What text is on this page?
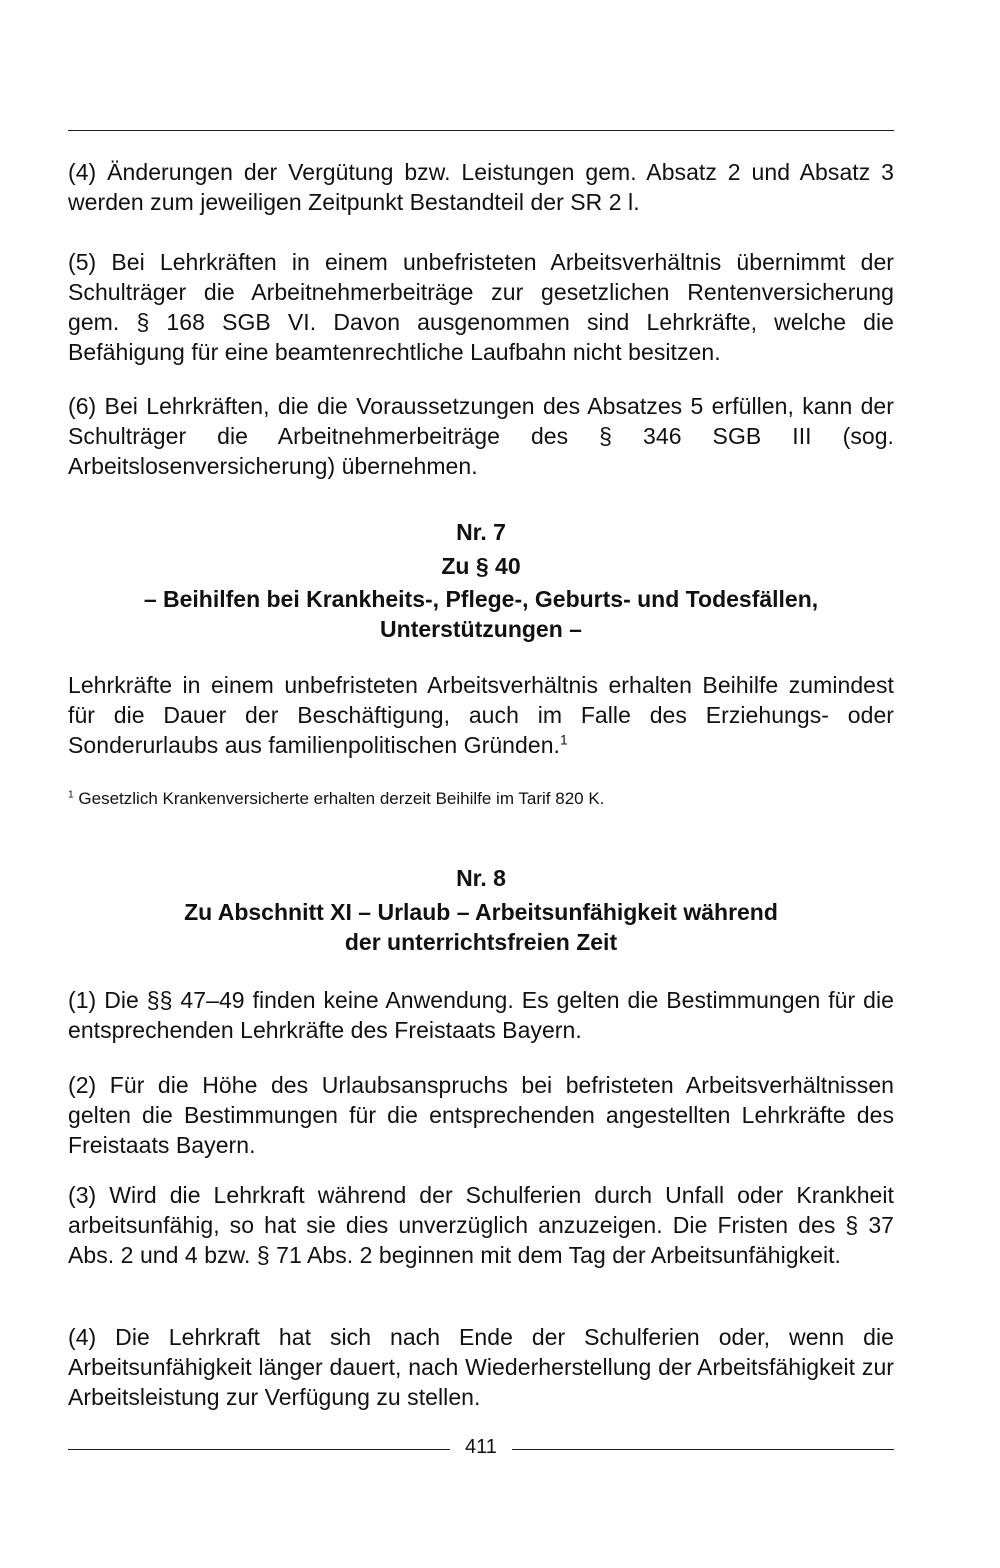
(4) Änderungen der Vergütung bzw. Leistungen gem. Absatz 2 und Absatz 3 werden zum jeweiligen Zeitpunkt Bestandteil der SR 2 l.

(5) Bei Lehrkräften in einem unbefristeten Arbeitsverhältnis übernimmt der Schulträger die Arbeitnehmerbeiträge zur gesetzlichen Rentenversicherung gem. § 168 SGB VI. Davon ausgenommen sind Lehrkräfte, welche die Befähigung für eine beamtenrechtliche Laufbahn nicht besitzen.

(6) Bei Lehrkräften, die die Voraussetzungen des Absatzes 5 erfüllen, kann der Schulträger die Arbeitnehmerbeiträge des § 346 SGB III (sog. Arbeitslosenversicherung) übernehmen.

Nr. 7
Zu § 40
– Beihilfen bei Krankheits-, Pflege-, Geburts- und Todesfällen,
Unterstützungen –

Lehrkräfte in einem unbefristeten Arbeitsverhältnis erhalten Beihilfe zumindest für die Dauer der Beschäftigung, auch im Falle des Erziehungs- oder Sonderurlaubs aus familienpolitischen Gründen.$^1$

$^1$ Gesetzlich Krankenversicherte erhalten derzeit Beihilfe im Tarif 820 K.

Nr. 8
Zu Abschnitt XI – Urlaub – Arbeitsunfähigkeit während
der unterrichtsfreien Zeit

(1) Die §§ 47–49 finden keine Anwendung. Es gelten die Bestimmungen für die entsprechenden Lehrkräfte des Freistaats Bayern.

(2) Für die Höhe des Urlaubsanspruchs bei befristeten Arbeitsverhältnissen gelten die Bestimmungen für die entsprechenden angestellten Lehrkräfte des Freistaats Bayern.

(3) Wird die Lehrkraft während der Schulferien durch Unfall oder Krankheit arbeitsunfähig, so hat sie dies unverzüglich anzuzeigen. Die Fristen des § 37 Abs. 2 und 4 bzw. § 71 Abs. 2 beginnen mit dem Tag der Arbeitsunfähigkeit.

(4) Die Lehrkraft hat sich nach Ende der Schulferien oder, wenn die Arbeitsunfähigkeit länger dauert, nach Wiederherstellung der Arbeitsfähigkeit zur Arbeitsleistung zur Verfügung zu stellen.

411
